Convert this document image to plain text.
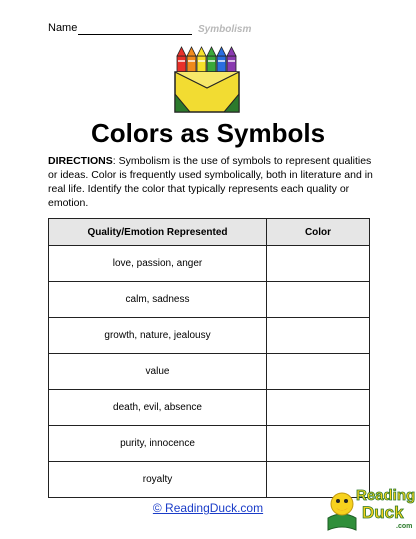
Name	Symbolism
Colors as Symbols
DIRECTIONS: Symbolism is the use of symbols to represent qualities or ideas. Color is frequently used symbolically, both in literature and in real life. Identify the color that typically represents each quality or emotion.
Quality/Emotion Represented	Color
love, passion, anger	
calm, sadness	
growth, nature, jealousy	
value	
death, evil, absence	
purity, innocence	
royalty	
© ReadingDuck.com
Reading
Duck
.com
